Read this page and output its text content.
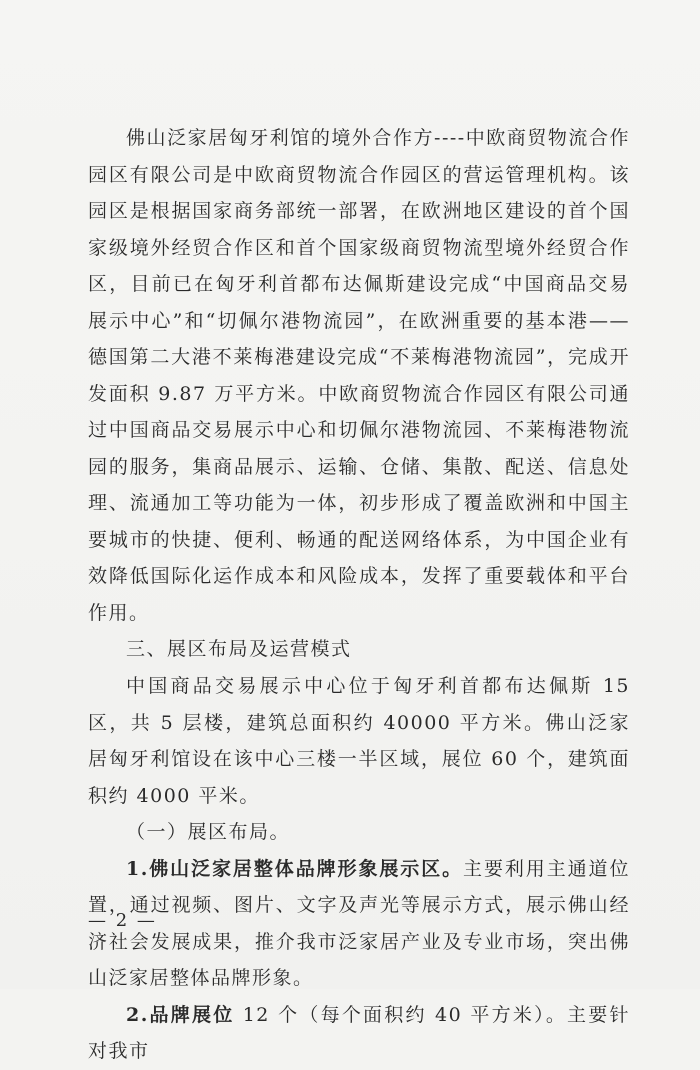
佛山泛家居匈牙利馆的境外合作方----中欧商贸物流合作园区有限公司是中欧商贸物流合作园区的营运管理机构。该园区是根据国家商务部统一部署，在欧洲地区建设的首个国家级境外经贸合作区和首个国家级商贸物流型境外经贸合作区，目前已在匈牙利首都布达佩斯建设完成“中国商品交易展示中心”和“切佩尔港物流园”，在欧洲重要的基本港——德国第二大港不莱梅港建设完成“不莱梅港物流园”，完成开发面积 9.87 万平方米。中欧商贸物流合作园区有限公司通过中国商品交易展示中心和切佩尔港物流园、不莱梅港物流园的服务，集商品展示、运输、仓储、集散、配送、信息处理、流通加工等功能为一体，初步形成了覆盖欧洲和中国主要城市的快捷、便利、畅通的配送网络体系，为中国企业有效降低国际化运作成本和风险成本，发挥了重要载体和平台作用。

三、展区布局及运营模式

中国商品交易展示中心位于匈牙利首都布达佩斯 15 区，共 5 层楼，建筑总面积约 40000 平方米。佛山泛家居匈牙利馆设在该中心三楼一半区域，展位 60 个，建筑面积约 4000 平米。

（一）展区布局。

1.佛山泛家居整体品牌形象展示区。主要利用主通道位置，通过视频、图片、文字及声光等展示方式，展示佛山经济社会发展成果，推介我市泛家居产业及专业市场，突出佛山泛家居整体品牌形象。

2.品牌展位 12 个（每个面积约 40 平方米）。主要针对我市

— 2 —
